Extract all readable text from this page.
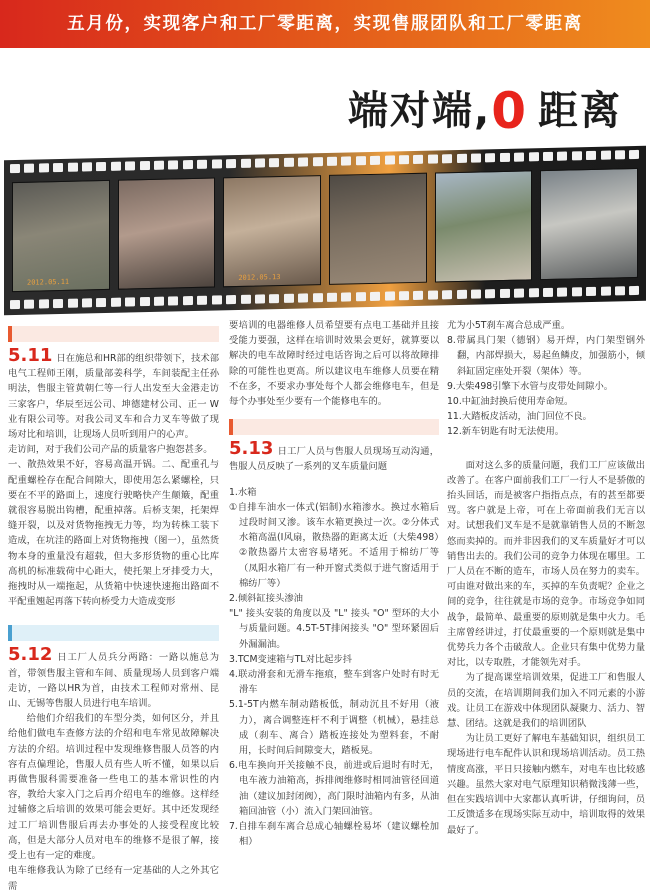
五月份，实现客户和工厂零距离，实现售服团队和工厂零距离
端对端,0 距离
2012.05.11
2012.05.13

5.11 日在施总和HR部的组织带领下，技术部电气工程师王刚，质量部姜科学，车间装配主任孙明法，售服主管黄朝仁等一行人出发至大金港走访三家客户，华辰至远公司、坤德建材公司、正一 W业有限公司等。对我公司叉车和合力叉车等做了现场对比和培训，让现场人员听到用户的心声。

走访间，对于我们公司产品的质量客户抱怨甚多。

一、散热效果不好，容易高温开锅。二、配重孔与配重螺栓存在配合间隙大，即使用怎么紧螺栓，只要在不平的路面上，速度行驶略快产生颠簸，配重就很容易脱出钩槽，配重掉落。后桥支架，托架焊缝开裂，以及对货物拖拽无力等，均为转株工装下造成，在坑洼的路面上对货物拖拽（图一），虽然货物本身的重量没有超载，但大多形货物的重心比库高机的标准载荷中心距大，使托架上牙排受力大，拖拽时从一端拖起，从货箱中快速快速拖出路面不平配重翘起再落下转向桥受力大造成变形

5.12 日工厂人员兵分两路：一路以施总为首，带领售服主管和车间、质量现场人员到客户端走访，一路以HR为首，由技术工程师对常州、昆山、无锡等售服人员进行电车培训。

给他们介绍我们的车型分类，如何区分，并且给他们做电车查修方法的介绍和电车常见故障解决方法的介绍。培训过程中发现维修售服人员答的内容有点偏理论，售服人员有些人听不懂，如果以后再做售服科需要准备一些电工的基本常识性的内容，教给大家入门之后再介绍电车的维修。这样经过辅修之后培训的效果可能会更好。其中还发现经过工厂培训售服后再去办事处的人接受程度比较高，但是大部分人员对电车的维修不是很了解，接受上也有一定的难度。

电车维修我认为除了已经有一定基础的人之外其它需

要培训的电器维修人员希望要有点电工基础并且接受能力要强，这样在培训时效果会更好，就算要以解决的电车故障时经过电话咨询之后可以将故障排除的可能性也更高。所以建议电车维修人员要在精不在多，不要求办事处每个人都会维修电车，但是每个办事处至少要有一个能修电车的。

5.13 日工厂人员与售服人员现场互动沟通，售服人员反映了一系列的叉车质量问题

1.水箱

①自排车油水一体式(铝制)水箱渗水。换过水箱后过段时间又渗。该车水箱更换过一次。②分体式水箱高温(I风扇，散热器的距离太近（大柴498）②散热器片太密容易堵死。不适用于棉纺厂等（凤阳水箱厂有一种开窗式类似于进气窗适用于棉纺厂等）

2.倾斜缸接头渗油

"L" 接头安装的角度以及 "L" 接头 "O" 型环的大小与质量问题。4.5T-5T排闲接头 "O" 型环紧固后外漏漏油。

3.TCM变速箱与TL对比起步抖

4.联动滑套和无滑车拖痕，整车到客户处时有时无滑车

5.1-5T内燃车制动踏板低，制动沉且不好用（液力），离合调整连杆不利于调整（机械），悬挂总成（刹车、离合）踏板连接处为塑料套，不耐用，长时间后间隙变大，踏板晃。

6.电车换向开关接触不良，前进或后退时有时无，电车液力油箱高，拆排阀维修时相同油管径回道油（建议加封闭阀），高门限时油箱内有多，从油箱回油管（小）流入门架回油管。

7.自排车刹车离合总成心轴螺栓易坏（建议螺栓加相）

尤为小5T刹车离合总成严重。

8.带属具门架（德钢）易开焊，内门架型钢外翻，内部焊损大，易起鱼鳞皮，加强筋小，倾斜缸固定座处开裂（架体）等。

9.大柴498引擎下水管与皮带处间隙小。

10.中缸油封换后使用寿命短。

11.大踏板皮活动，油门回位不良。

12.新车钥匙有时无法使用。

面对这么多的质量问题，我们工厂应该做出改善了。在客户面前我们工厂一行人不是骄傲的抬头回话，而是被客户指指点点，有的甚至都要骂。客户就是上帝，可在上帝面前我们无言以对。试想我们叉车是不是就靠销售人员的不断忽悠而卖掉的。而并非因我们的叉车质量好才可以销售出去的。我们公司的竞争力体现在哪里。工厂人员在不断的造车，市场人员在努力的卖车。可由谁对做出来的车，买掉的车负责呢？企业之间的竞争，往往就是市场的竞争。市场竞争如同战争，最简单、最重要的原则就是集中火力。毛主席曾经讲过，打仗最重要的一个原则就是集中优势兵力各个击破敌人。企业只有集中优势力量对比，以专取胜，才能领先对手。

为了提高课堂培训效果，促进工厂和售服人员的交流，在培训期间我们加入不同元素的小游戏。让员工在游戏中体现团队凝聚力、活力、智慧、团结。这就是我们的培训团队

为让员工更好了解电车基础知识，组织员工现场进行电车配件认识和现场培训活动。员工热情度高涨，平日只接触内燃车，对电车也比较感兴趣。虽然大家对电气原理知识稍微浅薄一些，但在实践培训中大家都认真听讲，仔细询问，员工反馈适多在现场实际互动中，培训取得的效果最好了。
